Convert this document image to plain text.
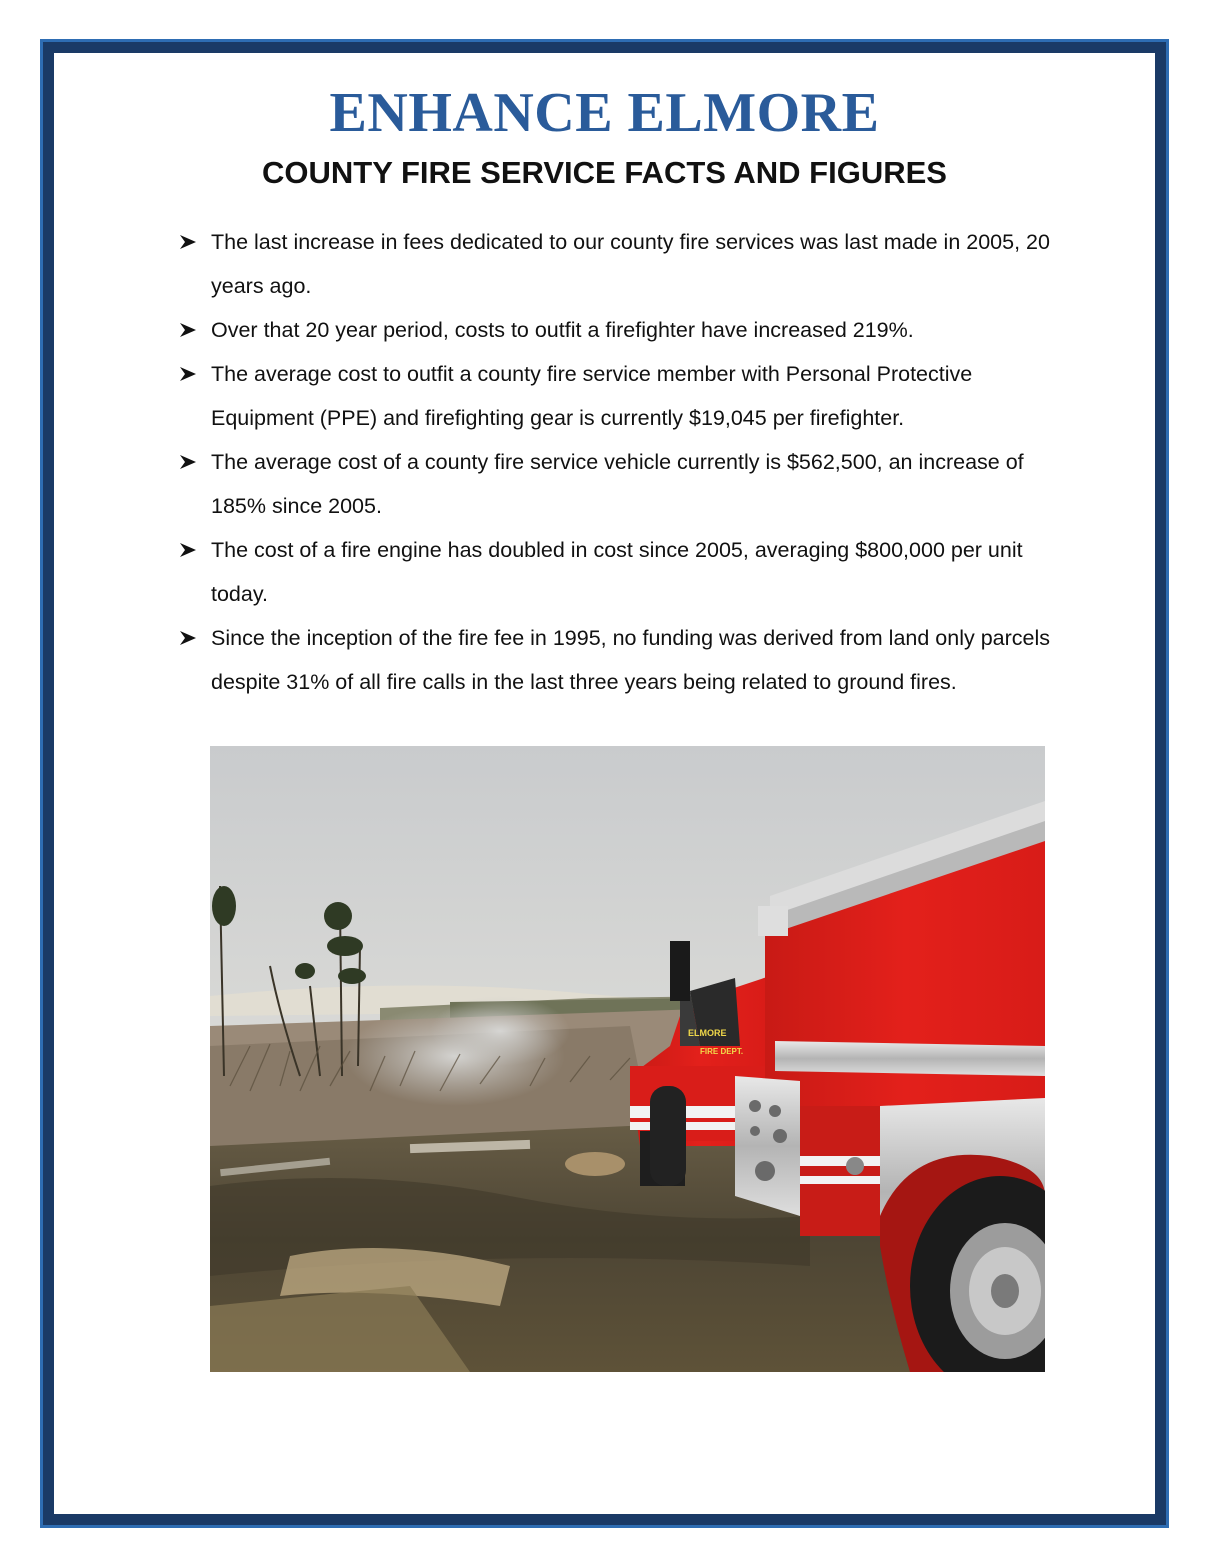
ENHANCE ELMORE
COUNTY FIRE SERVICE FACTS AND FIGURES
The last increase in fees dedicated to our county fire services was last made in 2005, 20 years ago.
Over that 20 year period, costs to outfit a firefighter have increased 219%.
The average cost to outfit a county fire service member with Personal Protective Equipment (PPE) and firefighting gear is currently $19,045 per firefighter.
The average cost of a county fire service vehicle currently is $562,500, an increase of 185% since 2005.
The cost of a fire engine has doubled in cost since 2005, averaging $800,000 per unit today.
Since the inception of the fire fee in 1995, no funding was derived from land only parcels despite 31% of all fire calls in the last three years being related to ground fires.
ELMORE
FIRE DEPT.
